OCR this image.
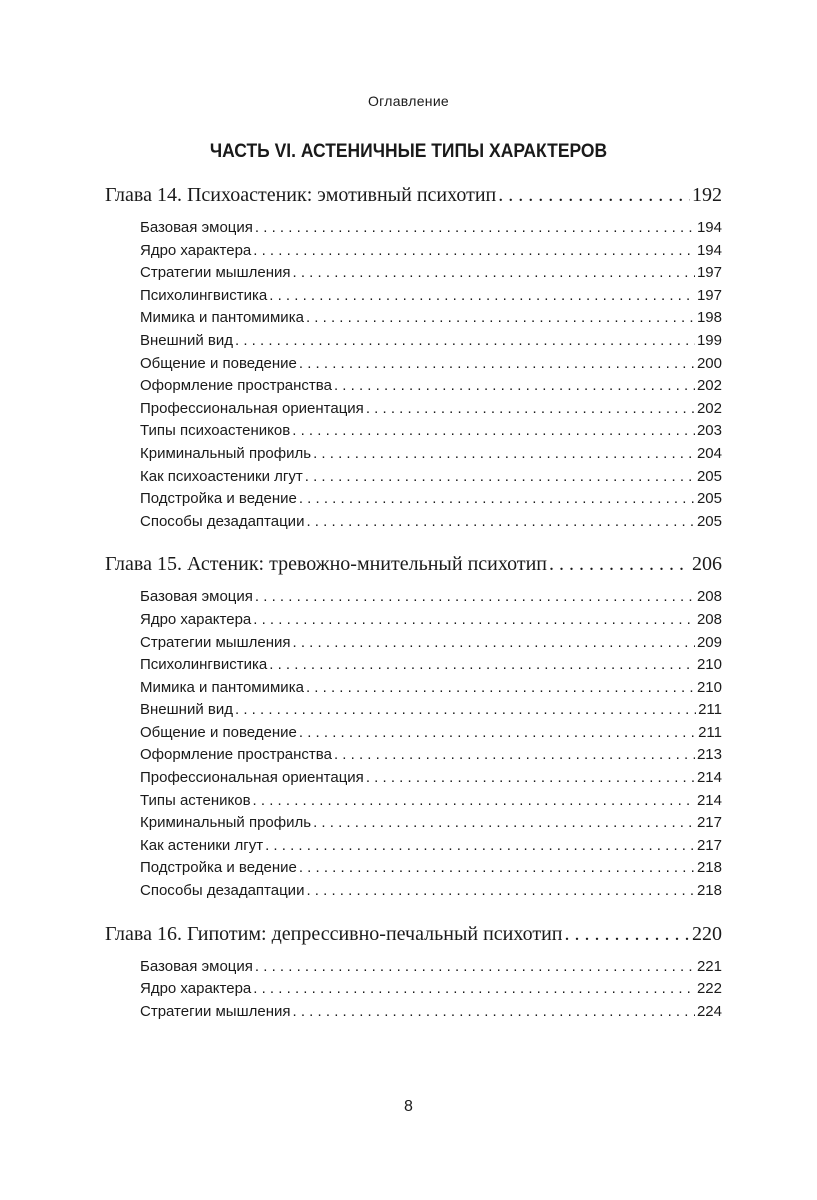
Оглавление
ЧАСТЬ VI. АСТЕНИЧНЫЕ ТИПЫ ХАРАКТЕРОВ
Глава 14. Психоастеник: эмотивный психотип . . .	192
Базовая эмоция . . .	194
Ядро характера . . .	194
Стратегии мышления . . .	197
Психолингвистика . . .	197
Мимика и пантомимика . . .	198
Внешний вид . . .	199
Общение и поведение . . .	200
Оформление пространства . . .	202
Профессиональная ориентация . . .	202
Типы психоастеников . . .	203
Криминальный профиль . . .	204
Как психоастеники лгут . . .	205
Подстройка и ведение . . .	205
Способы дезадаптации . . .	205
Глава 15. Астеник: тревожно-мнительный психотип . . .	206
Базовая эмоция . . .	208
Ядро характера . . .	208
Стратегии мышления . . .	209
Психолингвистика . . .	210
Мимика и пантомимика . . .	210
Внешний вид . . .	211
Общение и поведение . . .	211
Оформление пространства . . .	213
Профессиональная ориентация . . .	214
Типы астеников . . .	214
Криминальный профиль . . .	217
Как астеники лгут . . .	217
Подстройка и ведение . . .	218
Способы дезадаптации . . .	218
Глава 16. Гипотим: депрессивно-печальный психотип . . .	220
Базовая эмоция . . .	221
Ядро характера . . .	222
Стратегии мышления . . .	224
8
